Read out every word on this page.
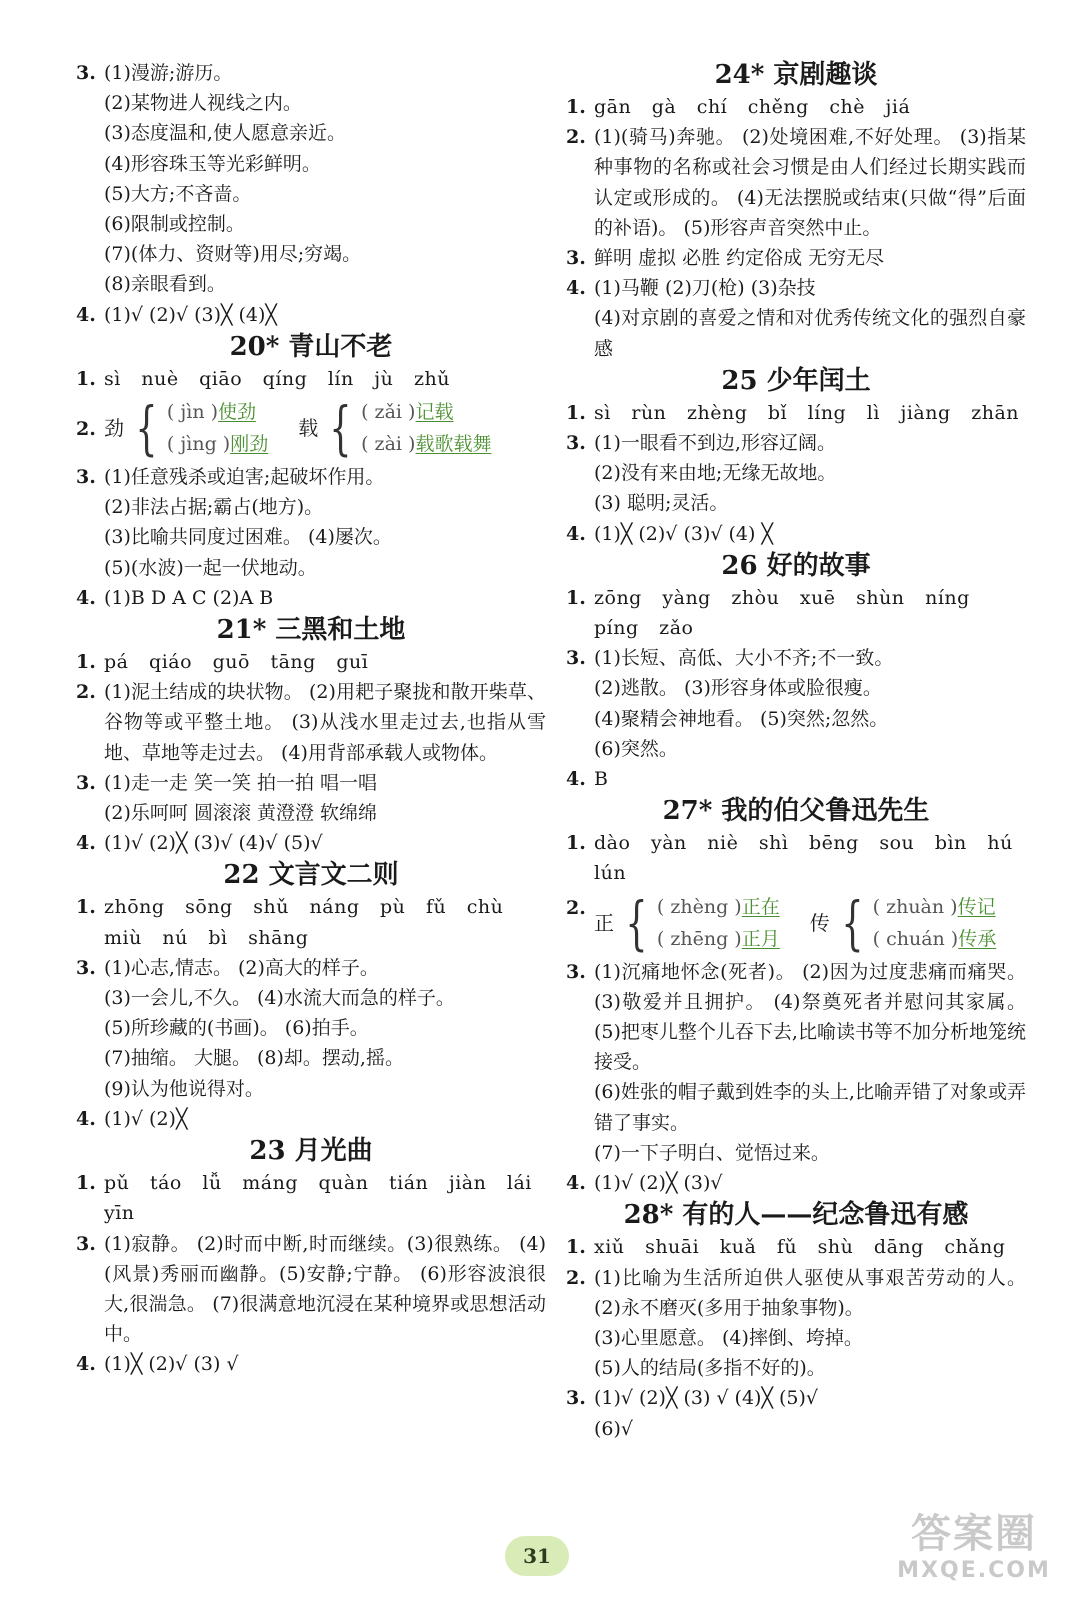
3. (1)漫游;游历。
(2)某物进人视线之内。
(3)态度温和,使人愿意亲近。
(4)形容珠玉等光彩鲜明。
(5)大方;不吝啬。
(6)限制或控制。
(7)(体力、资财等)用尽;穷竭。
(8)亲眼看到。
4. (1)√ (2)√ (3)╳ (4)╳
20* 青山不老
1. sì nuè qiāo qíng lín jù zhǔ
2. 劲 { ( jìn )使劲
( jìng )刚劲
载 { ( zǎi )记载
( zài )载歌载舞
3. (1)任意残杀或迫害;起破坏作用。
(2)非法占据;霸占(地方)。
(3)比喻共同度过困难。 (4)屡次。
(5)(水波)一起一伏地动。
4. (1)B D A C (2)A B
21* 三黑和土地
1. pá qiáo guō tāng guī
2. (1)泥土结成的块状物。 (2)用耙子聚拢和散开柴草、谷物等或平整土地。 (3)从浅水里走过去,也指从雪地、草地等走过去。 (4)用背部承载人或物体。
3. (1)走一走 笑一笑 拍一拍 唱一唱
(2)乐呵呵 圆滚滚 黄澄澄 软绵绵
4. (1)√ (2)╳ (3)√ (4)√ (5)√
22 文言文二则
1. zhōng sōng shǔ náng pù fǔ chù
miù nú bì shāng
3. (1)心志,情志。 (2)高大的样子。
(3)一会儿,不久。 (4)水流大而急的样子。
(5)所珍藏的(书画)。 (6)拍手。
(7)抽缩。 大腿。 (8)却。摆动,摇。
(9)认为他说得对。
4. (1)√ (2)╳
23 月光曲
1. pǔ táo lǚ máng quàn tián jiàn lái
yīn
3. (1)寂静。 (2)时而中断,时而继续。(3)很熟练。 (4)(风景)秀丽而幽静。(5)安静;宁静。 (6)形容波浪很大,很湍急。 (7)很满意地沉浸在某种境界或思想活动中。
4. (1)╳ (2)√ (3) √
24* 京剧趣谈
1. gān gà chí chěng chè jiá
2. (1)(骑马)奔驰。 (2)处境困难,不好处理。 (3)指某种事物的名称或社会习惯是由人们经过长期实践而认定或形成的。 (4)无法摆脱或结束(只做“得”后面的补语)。 (5)形容声音突然中止。
3. 鲜明 虚拟 必胜 约定俗成 无穷无尽
4. (1)马鞭 (2)刀(枪) (3)杂技
(4)对京剧的喜爱之情和对优秀传统文化的强烈自豪感
25 少年闰土
1. sì rùn zhèng bǐ líng lì jiàng zhān
3. (1)一眼看不到边,形容辽阔。
(2)没有来由地;无缘无故地。
(3) 聪明;灵活。
4. (1)╳ (2)√ (3)√ (4) ╳
26 好的故事
1. zōng yàng zhòu xuē shùn níng
píng zǎo
3. (1)长短、高低、大小不齐;不一致。
(2)逃散。 (3)形容身体或脸很瘦。
(4)聚精会神地看。 (5)突然;忽然。
(6)突然。
4. B
27* 我的伯父鲁迅先生
1. dào yàn niè shì bēng sou bìn hú
lún
2.
正 { ( zhèng )正在
( zhēng )正月
传 { ( zhuàn )传记
( chuán )传承
3. (1)沉痛地怀念(死者)。 (2)因为过度悲痛而痛哭。 (3)敬爱并且拥护。 (4)祭奠死者并慰问其家属。 (5)把枣儿整个儿吞下去,比喻读书等不加分析地笼统接受。
(6)姓张的帽子戴到姓李的头上,比喻弄错了对象或弄错了事实。
(7)一下子明白、觉悟过来。
4. (1)√ (2)╳ (3)√
28* 有的人——纪念鲁迅有感
1. xiǔ shuāi kuǎ fǔ shù dāng chǎng
2. (1)比喻为生活所迫供人驱使从事艰苦劳动的人。 (2)永不磨灭(多用于抽象事物)。
(3)心里愿意。 (4)摔倒、垮掉。
(5)人的结局(多指不好的)。
3. (1)√ (2)╳ (3) √ (4)╳ (5)√
(6)√
31	答案圈
MXQE.COM
